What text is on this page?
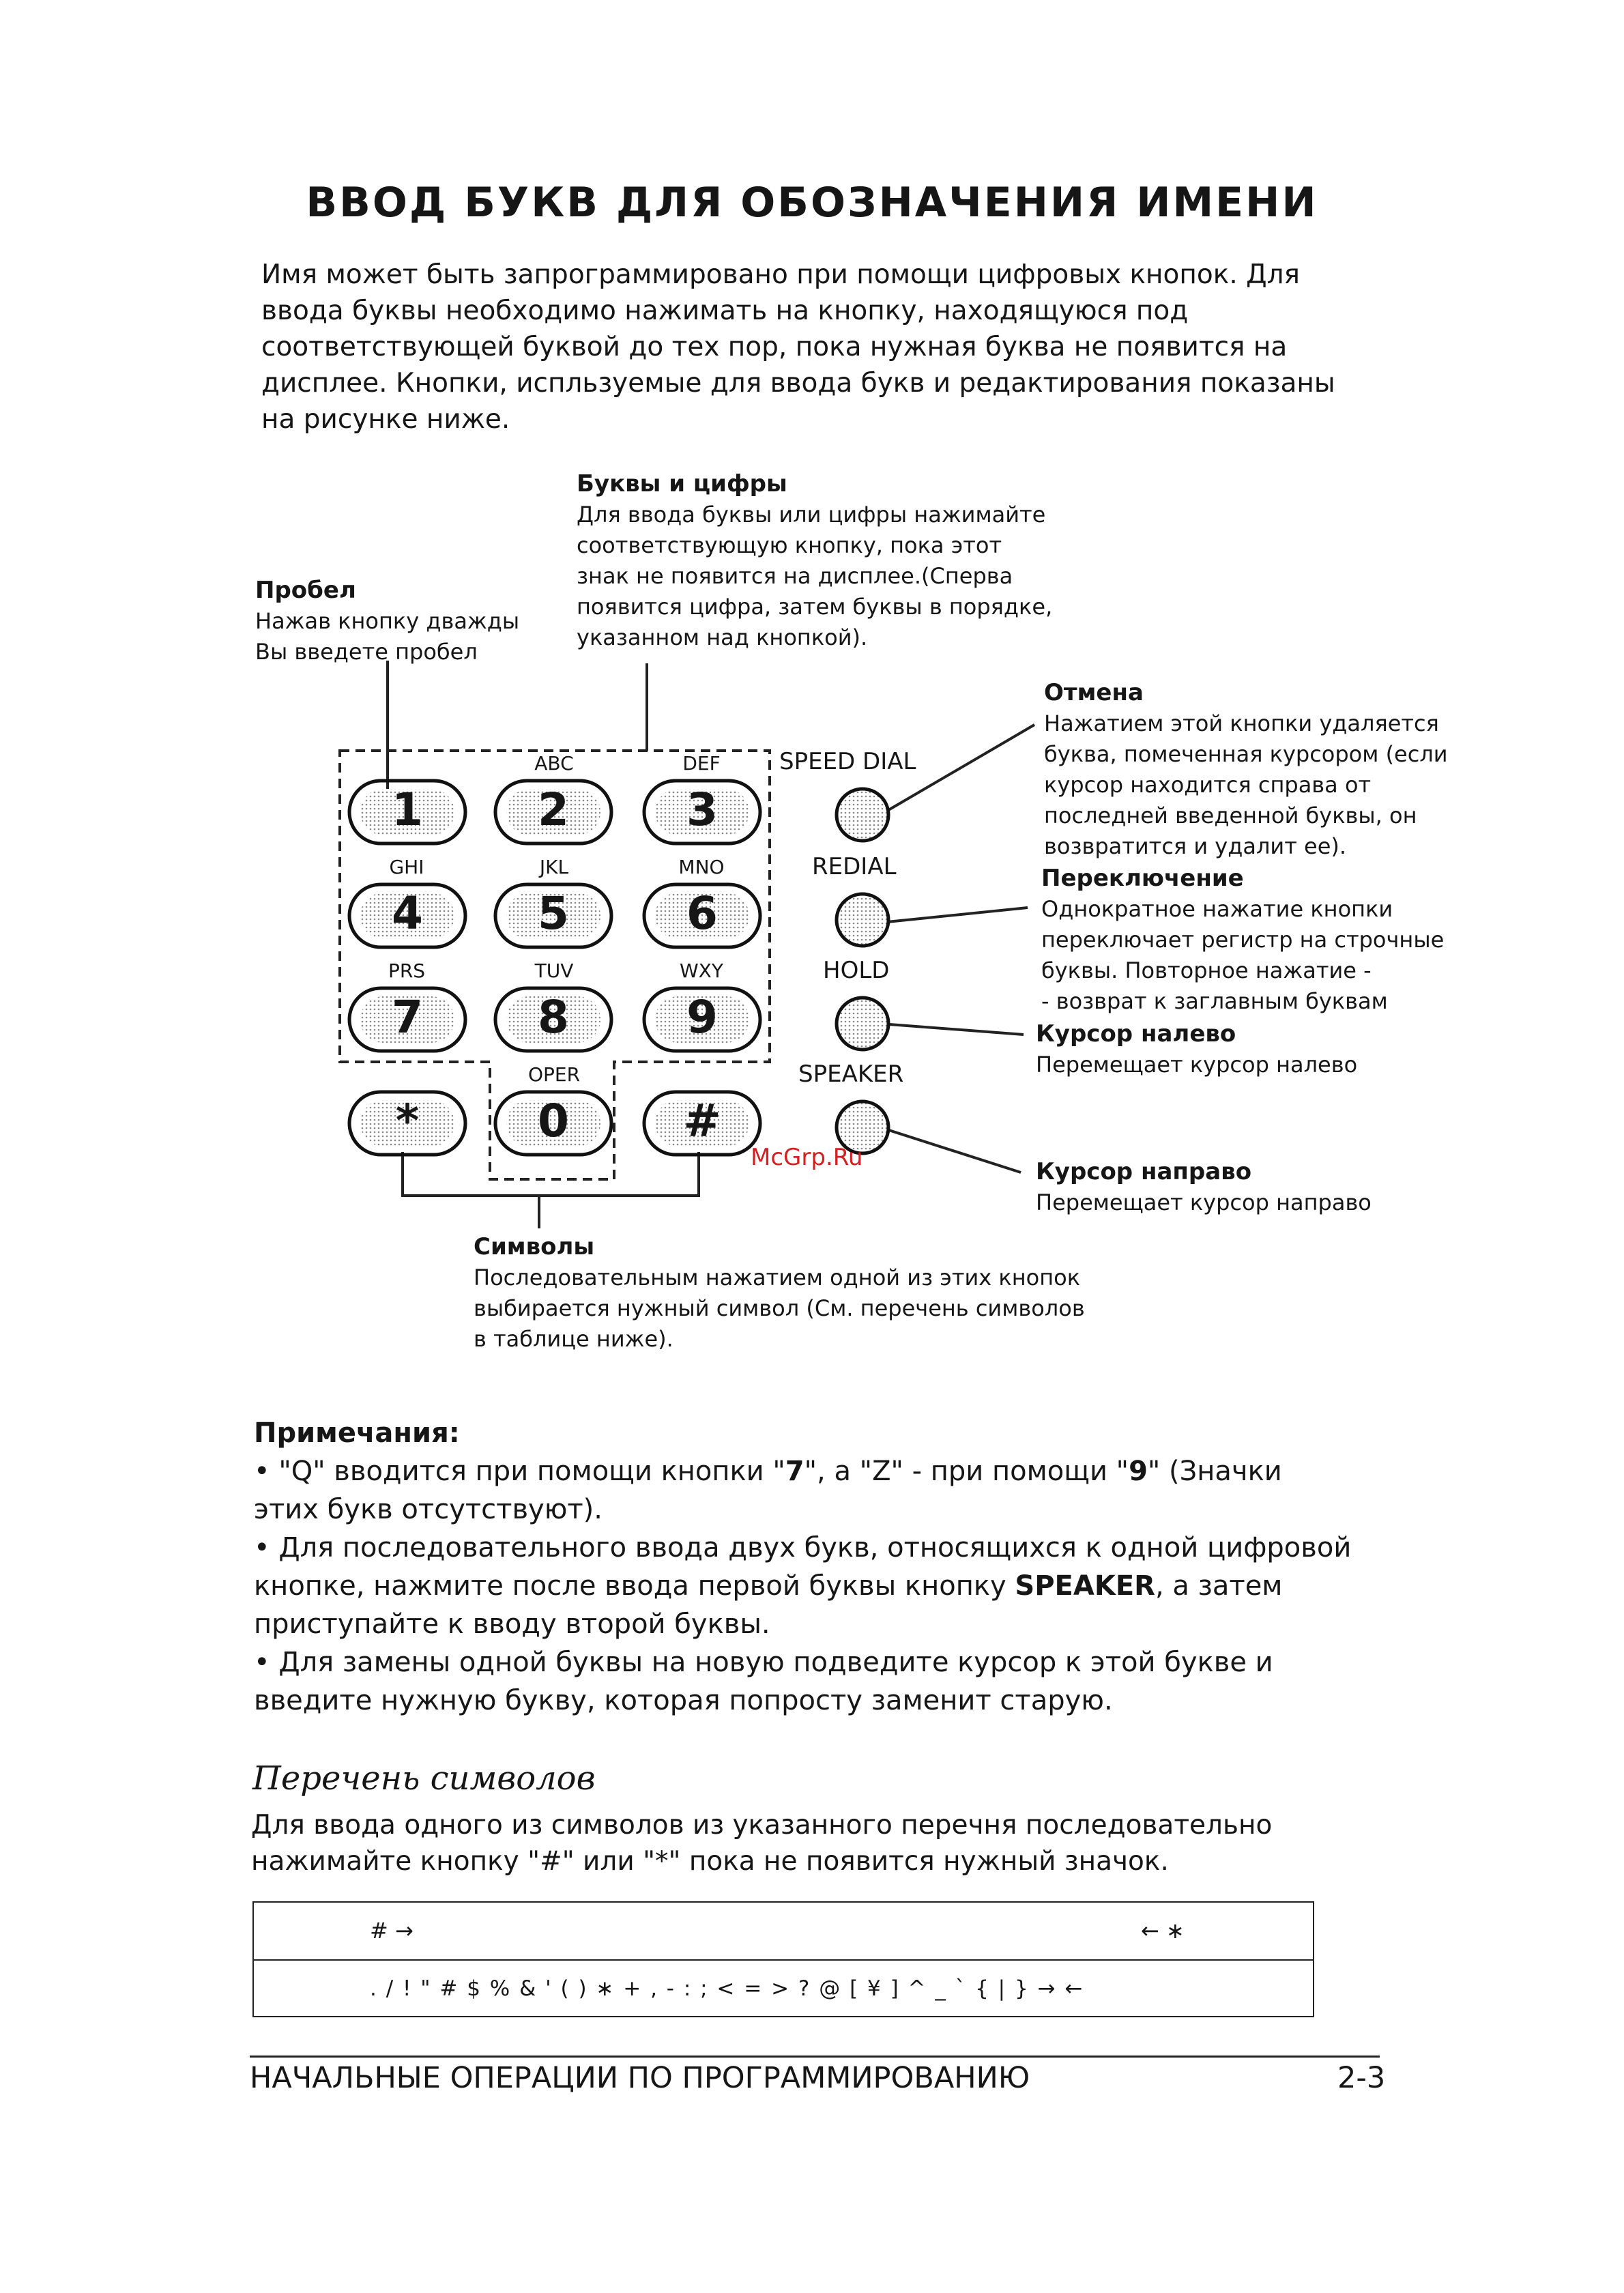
ВВОД БУКВ ДЛЯ ОБОЗНАЧЕНИЯ ИМЕНИ
Имя может быть запрограммировано при помощи цифровых кнопок. Для
ввода буквы необходимо нажимать на кнопку, находящуюся под
соответствующей буквой до тех пор, пока нужная буква не появится на
дисплее. Кнопки, испльзуемые для ввода букв и редактирования показаны
на рисунке ниже.
Буквы и цифры
Для ввода буквы или цифры нажимайте
соответствующую кнопку, пока этот
знак не появится на дисплее.(Сперва
появится цифра, затем буквы в порядке,
указанном над кнопкой).
Пробел
Нажав кнопку дважды
Вы введете пробел
Отмена
Нажатием этой кнопки удаляется
буква, помеченная курсором (если
курсор находится справа от
последней введенной буквы, он
возвратится и удалит ее).
Переключение
Однократное нажатие кнопки
переключает регистр на строчные
буквы. Повторное нажатие -
- возврат к заглавным буквам
Курсор налево
Перемещает курсор налево
Курсор направо
Перемещает курсор направо
Символы
Последовательным нажатием одной из этих кнопок
выбирается нужный символ (См. перечень символов
в таблице ниже).
ABC	DEF
GHI	JKL	MNO
PRS	TUV	WXY
OPER
1	2	3
4	5	6
7	8	9
*	0	#
SPEED DIAL
REDIAL
HOLD
SPEAKER
McGrp.Ru
Примечания:
• "Q" вводится при помощи кнопки "7", а "Z" - при помощи "9" (Значки
этих букв отсутствуют).
• Для последовательного ввода двух букв, относящихся к одной цифровой
кнопке, нажмите после ввода первой буквы кнопку SPEAKER, а затем
приступайте к вводу второй буквы.
• Для замены одной буквы на новую подведите курсор к этой букве и
введите нужную букву, которая попросту заменит старую.
Перечень символов
Для ввода одного из символов из указанного перечня последовательно
нажимайте кнопку "#" или "*" пока не появится нужный значок.
# →	← ∗
. / ! " # $ % & ' ( ) ∗ + , - : ; < = > ? @ [ ¥ ] ^ _ ` { | } → ←
НАЧАЛЬНЫЕ ОПЕРАЦИИ ПО ПРОГРАММИРОВАНИЮ	2-3
